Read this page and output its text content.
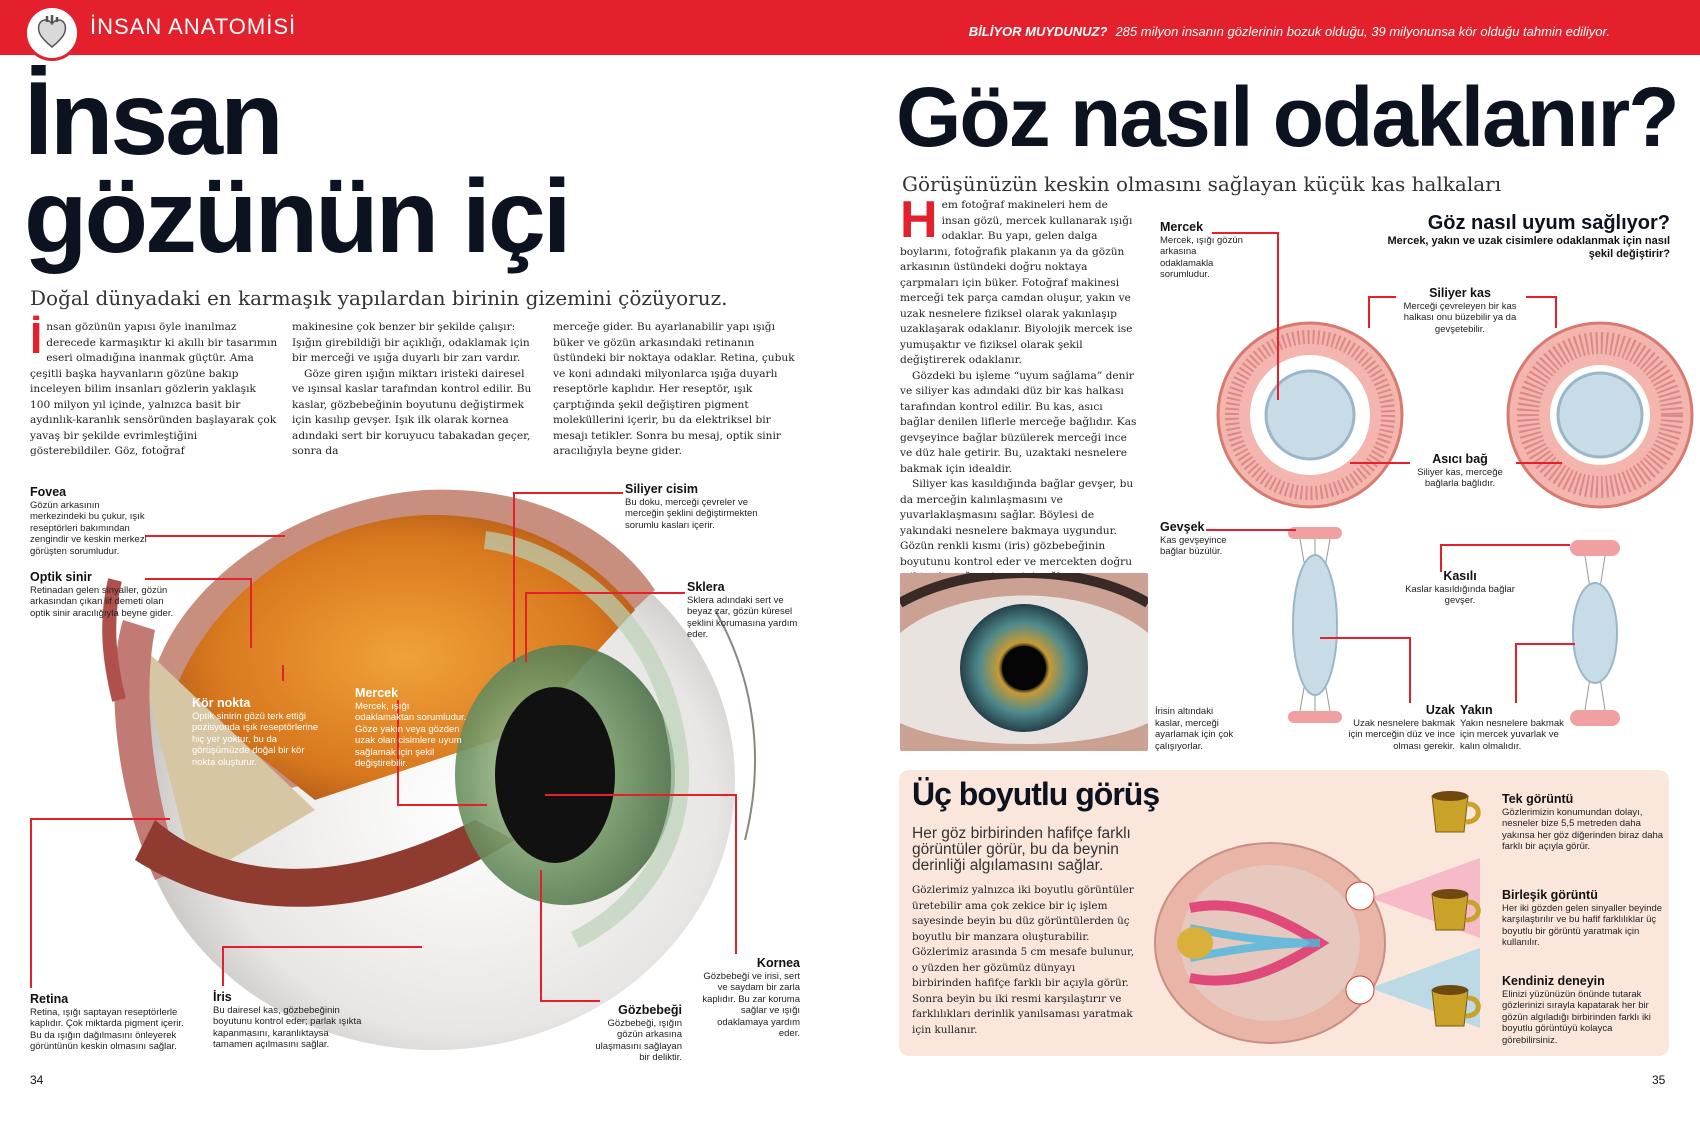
İNSAN ANATOMİSİ	BİLİYOR MUYDUNUZ? 285 milyon insanın gözlerinin bozuk olduğu, 39 milyonunsa kör olduğu tahmin ediliyor.
İnsan
gözünün içi
Doğal dünyadaki en karmaşık yapılardan birinin gizemini çözüyoruz.

İnsan gözünün yapısı öyle inanılmaz derecede karmaşıktır ki akıllı bir tasarımın eseri olmadığına inanmak güçtür. Ama çeşitli başka hayvanların gözüne bakıp inceleyen bilim insanları gözlerin yaklaşık 100 milyon yıl içinde, yalnızca basit bir aydınlık-karanlık sensöründen başlayarak çok yavaş bir şekilde evrimleştiğini gösterebildiler. Göz, fotoğraf

makinesine çok benzer bir şekilde çalışır: Işığın girebildiği bir açıklığı, odaklamak için bir merceği ve ışığa duyarlı bir zarı vardır.

Göze giren ışığın miktarı iristeki dairesel ve ışınsal kaslar tarafından kontrol edilir. Bu kaslar, gözbebeğinin boyutunu değiştirmek için kasılıp gevşer. Işık ilk olarak kornea adındaki sert bir koruyucu tabakadan geçer, sonra da

merceğe gider. Bu ayarlanabilir yapı ışığı büker ve gözün arkasındaki retinanın üstündeki bir noktaya odaklar. Retina, çubuk ve koni adındaki milyonlarca ışığa duyarlı reseptörle kaplıdır. Her reseptör, ışık çarptığında şekil değiştiren pigment moleküllerini içerir, bu da elektriksel bir mesajı tetikler. Sonra bu mesaj, optik sinir aracılığıyla beyne gider.

Fovea
Gözün arkasının merkezindeki bu çukur, ışık reseptörleri bakımından zengindir ve keskin merkezi görüşten sorumludur.
Optik sinir
Retinadan gelen sinyaller, gözün arkasından çıkan lif demeti olan optik sinir aracılığıyla beyne gider.
Kör nokta
Optik sinirin gözü terk ettiği pozisyonda ışık reseptörlerine hiç yer yoktur, bu da görüşümüzde doğal bir kör nokta oluşturur.
Mercek
Mercek, ışığı odaklamaktan sorumludur. Göze yakın veya gözden uzak olan cisimlere uyum sağlamak için şekil değiştirebilir.
Siliyer cisim
Bu doku, merceği çevreler ve merceğin şeklini değiştirmekten sorumlu kasları içerir.
Sklera
Sklera adındaki sert ve beyaz zar, gözün küresel şeklini korumasına yardım eder.
Kornea
Gözbebeği ve irisi, sert ve saydam bir zarla kaplıdır. Bu zar koruma sağlar ve ışığı odaklamaya yardım eder.
Gözbebeği
Gözbebeği, ışığın gözün arkasına ulaşmasını sağlayan bir deliktir.
İris
Bu dairesel kas, gözbebeğinin boyutunu kontrol eder; parlak ışıkta kapanmasını, karanlıktaysa tamamen açılmasını sağlar.
Retina
Retina, ışığı saptayan reseptörlerle kaplıdır. Çok miktarda pigment içerir. Bu da ışığın dağılmasını önleyerek görüntünün keskin olmasını sağlar.
34
Göz nasıl odaklanır?
Görüşünüzün keskin olmasını sağlayan küçük kas halkaları

Hem fotoğraf makineleri hem de insan gözü, mercek kullanarak ışığı odaklar. Bu yapı, gelen dalga boylarını, fotoğrafik plakanın ya da gözün arkasının üstündeki doğru noktaya çarpmaları için büker. Fotoğraf makinesi merceği tek parça camdan oluşur, yakın ve uzak nesnelere fiziksel olarak yakınlaşıp uzaklaşarak odaklanır. Biyolojik mercek ise yumuşaktır ve fiziksel olarak şekil değiştirerek odaklanır.

Gözdeki bu işleme “uyum sağlama” denir ve siliyer kas adındaki düz bir kas halkası tarafından kontrol edilir. Bu kas, asıcı bağlar denilen liflerle merceğe bağlıdır. Kas gevşeyince bağlar büzülerek merceği ince ve düz hale getirir. Bu, uzaktaki nesnelere bakmak için idealdir.

Siliyer kas kasıldığında bağlar gevşer, bu da merceğin kalınlaşmasını ve yuvarlaklaşmasını sağlar. Böylesi de yakındaki nesnelere bakmaya uygundur. Gözün renkli kısmı (iris) gözbebeğinin boyutunu kontrol eder ve mercekten doğru

Göz nasıl uyum sağlıyor?
Mercek, yakın ve uzak cisimlere odaklanmak için nasıl şekil değiştirir?
Mercek
Mercek, ışığı gözün arkasına odaklamakla sorumludur.
Siliyer kas
Merceği çevreleyen bir kas halkası onu büzebilir ya da gevşetebilir.
Asıcı bağ
Siliyer kas, merceğe bağlarla bağlıdır.
Gevşek
Kas gevşeyince bağlar büzülür.
Kasılı
Kaslar kasıldığında bağlar gevşer.
Uzak
Uzak nesnelere bakmak için merceğin düz ve ince olması gerekir.
Yakın
Yakın nesnelere bakmak için mercek yuvarlak ve kalın olmalıdır.
İrisin altındaki kaslar, merceği ayarlamak için çok çalışıyorlar.
Üç boyutlu görüş
Her göz birbirinden hafifçe farklı görüntüler görür, bu da beynin derinliği algılamasını sağlar.

Gözlerimiz yalnızca iki boyutlu görüntüler üretebilir ama çok zekice bir iç işlem sayesinde beyin bu düz görüntülerden üç boyutlu bir manzara oluşturabilir.

Gözlerimiz arasında 5 cm mesafe bulunur, o yüzden her gözümüz dünyayı birbirinden hafifçe farklı bir açıyla görür. Sonra beyin bu iki resmi karşılaştırır ve farklılıkları derinlik yanılsaması yaratmak için kullanır.

Tek görüntü
Gözlerimizin konumundan dolayı, nesneler bize 5,5 metreden daha yakınsa her göz diğerinden biraz daha farklı bir açıyla görür.
Birleşik görüntü
Her iki gözden gelen sinyaller beyinde karşılaştırılır ve bu hafif farklılıklar üç boyutlu bir görüntü yaratmak için kullanılır.
Kendiniz deneyin
Elinizi yüzünüzün önünde tutarak gözlerinizi sırayla kapatarak her bir gözün algıladığı birbirinden farklı iki boyutlu görüntüyü kolayca görebilirsiniz.
35
